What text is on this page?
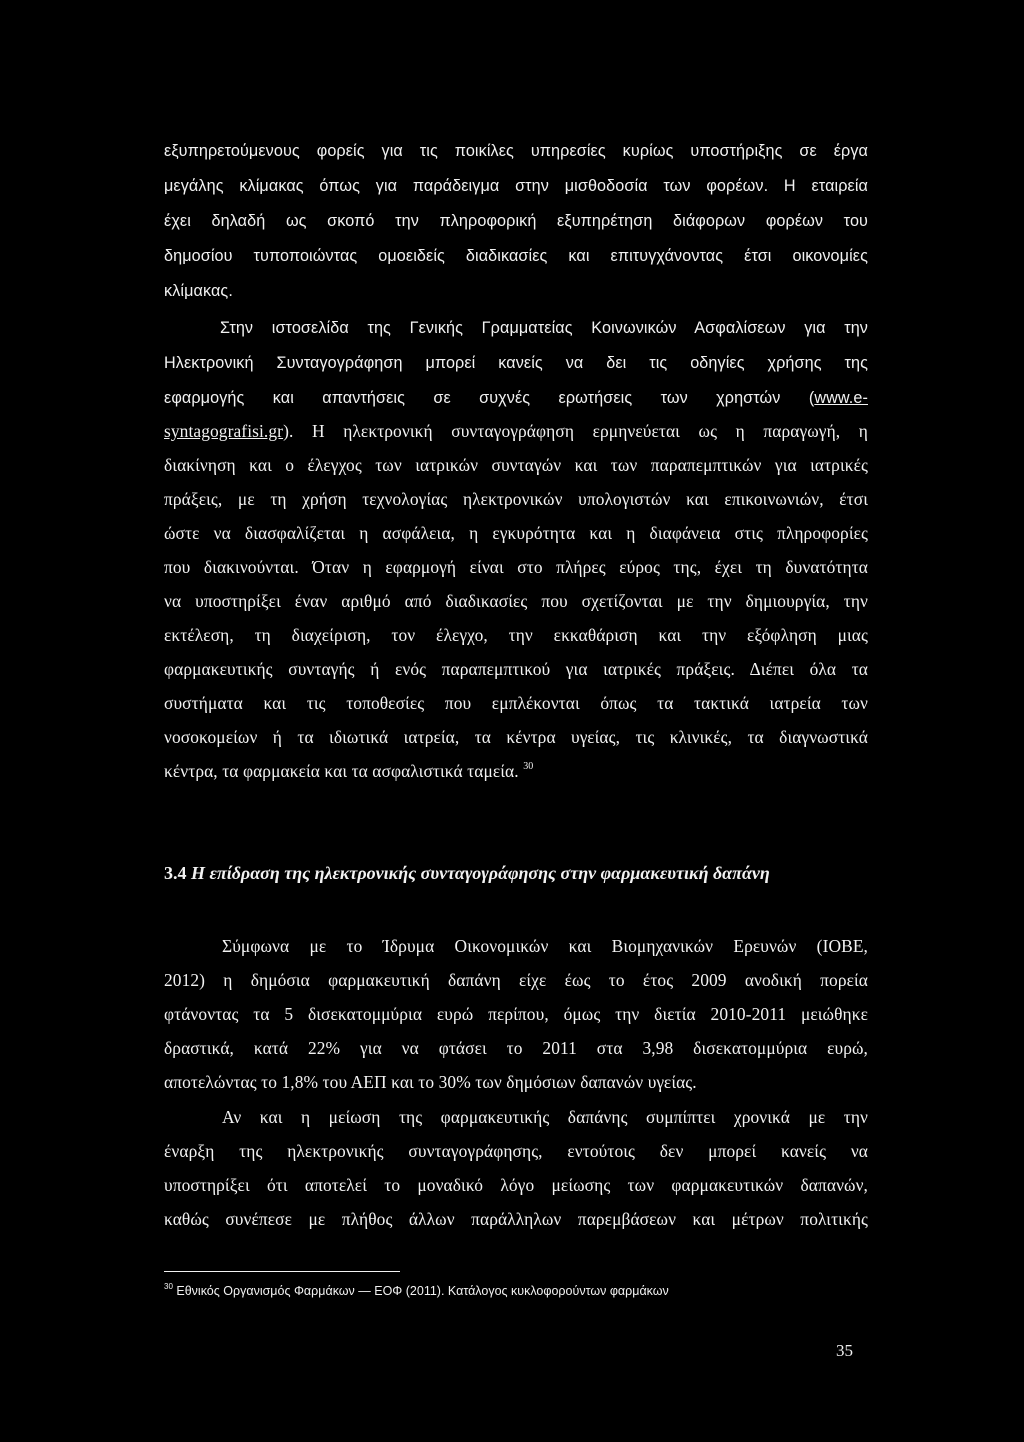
εξυπηρετούμενους φορείς για τις ποικίλες υπηρεσίες κυρίως υποστήριξης σε έργα

μεγάλης κλίμακας όπως για παράδειγμα στην μισθοδοσία των φορέων. Η εταιρεία

έχει δηλαδή ως σκοπό την πληροφορική εξυπηρέτηση διάφορων φορέων του

δημοσίου τυποποιώντας ομοειδείς διαδικασίες και επιτυγχάνοντας έτσι οικονομίες

κλίμακας.

Στην ιστοσελίδα της Γενικής Γραμματείας Κοινωνικών Ασφαλίσεων για την

Ηλεκτρονική Συνταγογράφηση μπορεί κανείς να δει τις οδηγίες χρήσης της

εφαρμογής και απαντήσεις σε συχνές ερωτήσεις των χρηστών (www.e-

syntagografisi.gr). Η ηλεκτρονική συνταγογράφηση ερμηνεύεται ως η παραγωγή, η

διακίνηση και ο έλεγχος των ιατρικών συνταγών και των παραπεμπτικών για ιατρικές

πράξεις, με τη χρήση τεχνολογίας ηλεκτρονικών υπολογιστών και επικοινωνιών, έτσι

ώστε να διασφαλίζεται η ασφάλεια, η εγκυρότητα και η διαφάνεια στις πληροφορίες

που διακινούνται. Όταν η εφαρμογή είναι στο πλήρες εύρος της, έχει τη δυνατότητα

να υποστηρίξει έναν αριθμό από διαδικασίες που σχετίζονται με την δημιουργία, την

εκτέλεση, τη διαχείριση, τον έλεγχο, την εκκαθάριση και την εξόφληση μιας

φαρμακευτικής συνταγής ή ενός παραπεμπτικού για ιατρικές πράξεις. Διέπει όλα τα

συστήματα και τις τοποθεσίες που εμπλέκονται όπως τα τακτικά ιατρεία των

νοσοκομείων ή τα ιδιωτικά ιατρεία, τα κέντρα υγείας, τις κλινικές, τα διαγνωστικά

κέντρα, τα φαρμακεία και τα ασφαλιστικά ταμεία. $^{30}$

3.4 Η επίδραση της ηλεκτρονικής συνταγογράφησης στην φαρμακευτική δαπάνη

Σύμφωνα με το Ίδρυμα Οικονομικών και Βιομηχανικών Ερευνών (ΙΟΒΕ,

2012) η δημόσια φαρμακευτική δαπάνη είχε έως το έτος 2009 ανοδική πορεία

φτάνοντας τα 5 δισεκατομμύρια ευρώ περίπου, όμως την διετία 2010-2011 μειώθηκε

δραστικά, κατά 22% για να φτάσει το 2011 στα 3,98 δισεκατομμύρια ευρώ,

αποτελώντας το 1,8% του ΑΕΠ και το 30% των δημόσιων δαπανών υγείας.

Αν και η μείωση της φαρμακευτικής δαπάνης συμπίπτει χρονικά με την

έναρξη της ηλεκτρονικής συνταγογράφησης, εντούτοις δεν μπορεί κανείς να

υποστηρίξει ότι αποτελεί το μοναδικό λόγο μείωσης των φαρμακευτικών δαπανών,

καθώς συνέπεσε με πλήθος άλλων παράλληλων παρεμβάσεων και μέτρων πολιτικής

$^{30}$ Εθνικός Οργανισμός Φαρμάκων — ΕΟΦ (2011). Κατάλογος κυκλοφορούντων φαρμάκων
35
